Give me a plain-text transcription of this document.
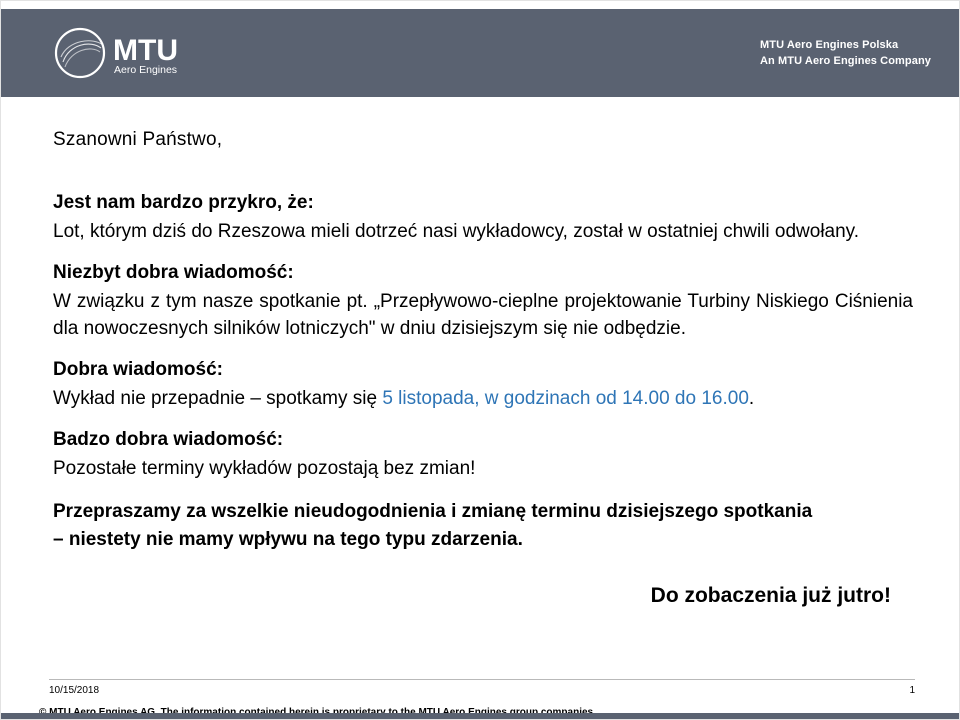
MTU
Aero Engines
MTU Aero Engines Polska
An MTU Aero Engines Company
Szanowni Państwo,
Jest nam bardzo przykro, że:
Lot, którym dziś do Rzeszowa mieli dotrzeć nasi wykładowcy, został w ostatniej chwili odwołany.
Niezbyt dobra wiadomość:
W związku z tym nasze spotkanie pt. „Przepływowo-cieplne projektowanie Turbiny Niskiego Ciśnienia dla nowoczesnych silników lotniczych" w dniu dzisiejszym się nie odbędzie.
Dobra wiadomość:
Wykład nie przepadnie – spotkamy się 5 listopada, w godzinach od 14.00 do 16.00.
Badzo dobra wiadomość:
Pozostałe terminy wykładów pozostają bez zmian!
Przepraszamy za wszelkie nieudogodnienia i zmianę terminu dzisiejszego spotkania
– niestety nie mamy wpływu na tego typu zdarzenia.
Do zobaczenia już jutro!
10/15/2018	1
